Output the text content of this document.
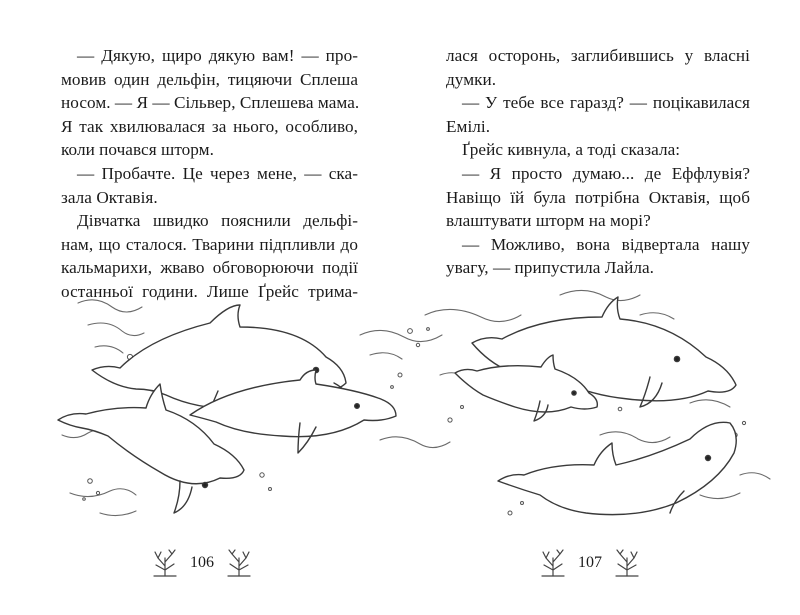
— Дякую, щиро дякую вам! — про-
мовив один дельфін, тицяючи Сплеша
носом. — Я — Сільвер, Сплешева мама.
Я так хвилювалася за нього, особливо,
коли почався шторм.
— Пробачте. Це через мене, — ска-
зала Октавія.
Дівчатка швидко пояснили дельфі-
нам, що сталося. Тварини підпливли до
кальмарихи, жваво обговорюючи події
останньої години. Лише Ґрейс трима-
лася осторонь, заглибившись у власні
думки.
— У тебе все гаразд? — поцікавилася
Емілі.
Ґрейс кивнула, а тоді сказала:
— Я просто думаю... де Еффлувія?
Навіщо їй була потрібна Октавія, щоб
влаштувати шторм на морі?
— Можливо, вона відвертала нашу
увагу, — припустила Лайла.
106	107
